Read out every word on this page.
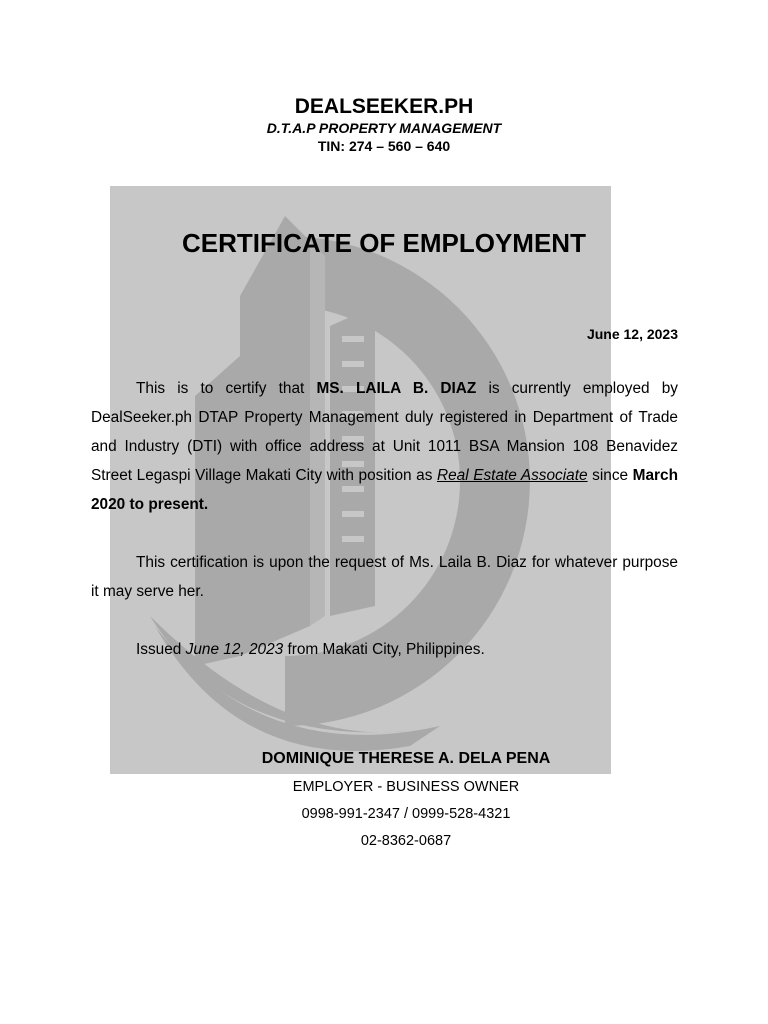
DEALSEEKER.PH

D.T.A.P PROPERTY MANAGEMENT

TIN: 274 – 560 – 640

CERTIFICATE OF EMPLOYMENT
June 12, 2023

This is to certify that MS. LAILA B. DIAZ is currently employed by DealSeeker.ph DTAP Property Management duly registered in Department of Trade and Industry (DTI) with office address at Unit 1011 BSA Mansion 108 Benavidez Street Legaspi Village Makati City with position as Real Estate Associate since March 2020 to present.

This certification is upon the request of Ms. Laila B. Diaz for whatever purpose it may serve her.

Issued June 12, 2023 from Makati City, Philippines.

DOMINIQUE THERESE A. DELA PENA

EMPLOYER - BUSINESS OWNER

0998-991-2347 / 0999-528-4321

02-8362-0687
